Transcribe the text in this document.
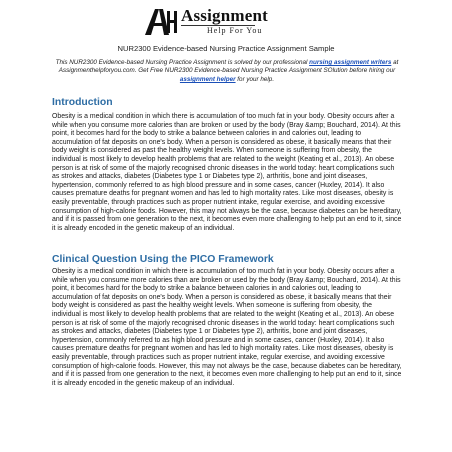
Assignment
Help For You
NUR2300 Evidence-based Nursing Practice Assignment Sample
This NUR2300 Evidence-based Nursing Practice Assignment is solved by our professional nursing assignment writers at Assignmenthelpforyou.com. Get Free NUR2300 Evidence-based Nursing Practice Assignment SOlution before hiring our assignment helper for your help.
Introduction
Obesity is a medical condition in which there is accumulation of too much fat in your body. Obesity occurs after a while when you consume more calories than are broken or used by the body (Bray &amp; Bouchard, 2014). At this point, it becomes hard for the body to strike a balance between calories in and calories out, leading to accumulation of fat deposits on one's body. When a person is considered as obese, it basically means that their body weight is considered as past the healthy weight levels. When someone is suffering from obesity, the individual is most likely to develop health problems that are related to the weight (Keating et al., 2013). An obese person is at risk of some of the majorly recognised chronic diseases in the world today: heart complications such as strokes and attacks, diabetes (Diabetes type 1 or Diabetes type 2), arthritis, bone and joint diseases, hypertension, commonly referred to as high blood pressure and in some cases, cancer (Huxley, 2014). It also causes premature deaths for pregnant women and has led to high mortality rates. Like most diseases, obesity is easily preventable, through practices such as proper nutrient intake, regular exercise, and avoiding excessive consumption of high-calorie foods. However, this may not always be the case, because diabetes can be hereditary, and if it is passed from one generation to the next, it becomes even more challenging to help put an end to it, since it is already encoded in the genetic makeup of an individual.
Clinical Question Using the PICO Framework
Obesity is a medical condition in which there is accumulation of too much fat in your body. Obesity occurs after a while when you consume more calories than are broken or used by the body (Bray &amp; Bouchard, 2014). At this point, it becomes hard for the body to strike a balance between calories in and calories out, leading to accumulation of fat deposits on one's body. When a person is considered as obese, it basically means that their body weight is considered as past the healthy weight levels. When someone is suffering from obesity, the individual is most likely to develop health problems that are related to the weight (Keating et al., 2013). An obese person is at risk of some of the majorly recognised chronic diseases in the world today: heart complications such as strokes and attacks, diabetes (Diabetes type 1 or Diabetes type 2), arthritis, bone and joint diseases, hypertension, commonly referred to as high blood pressure and in some cases, cancer (Huxley, 2014). It also causes premature deaths for pregnant women and has led to high mortality rates. Like most diseases, obesity is easily preventable, through practices such as proper nutrient intake, regular exercise, and avoiding excessive consumption of high-calorie foods. However, this may not always be the case, because diabetes can be hereditary, and if it is passed from one generation to the next, it becomes even more challenging to help put an end to it, since it is already encoded in the genetic makeup of an individual.
